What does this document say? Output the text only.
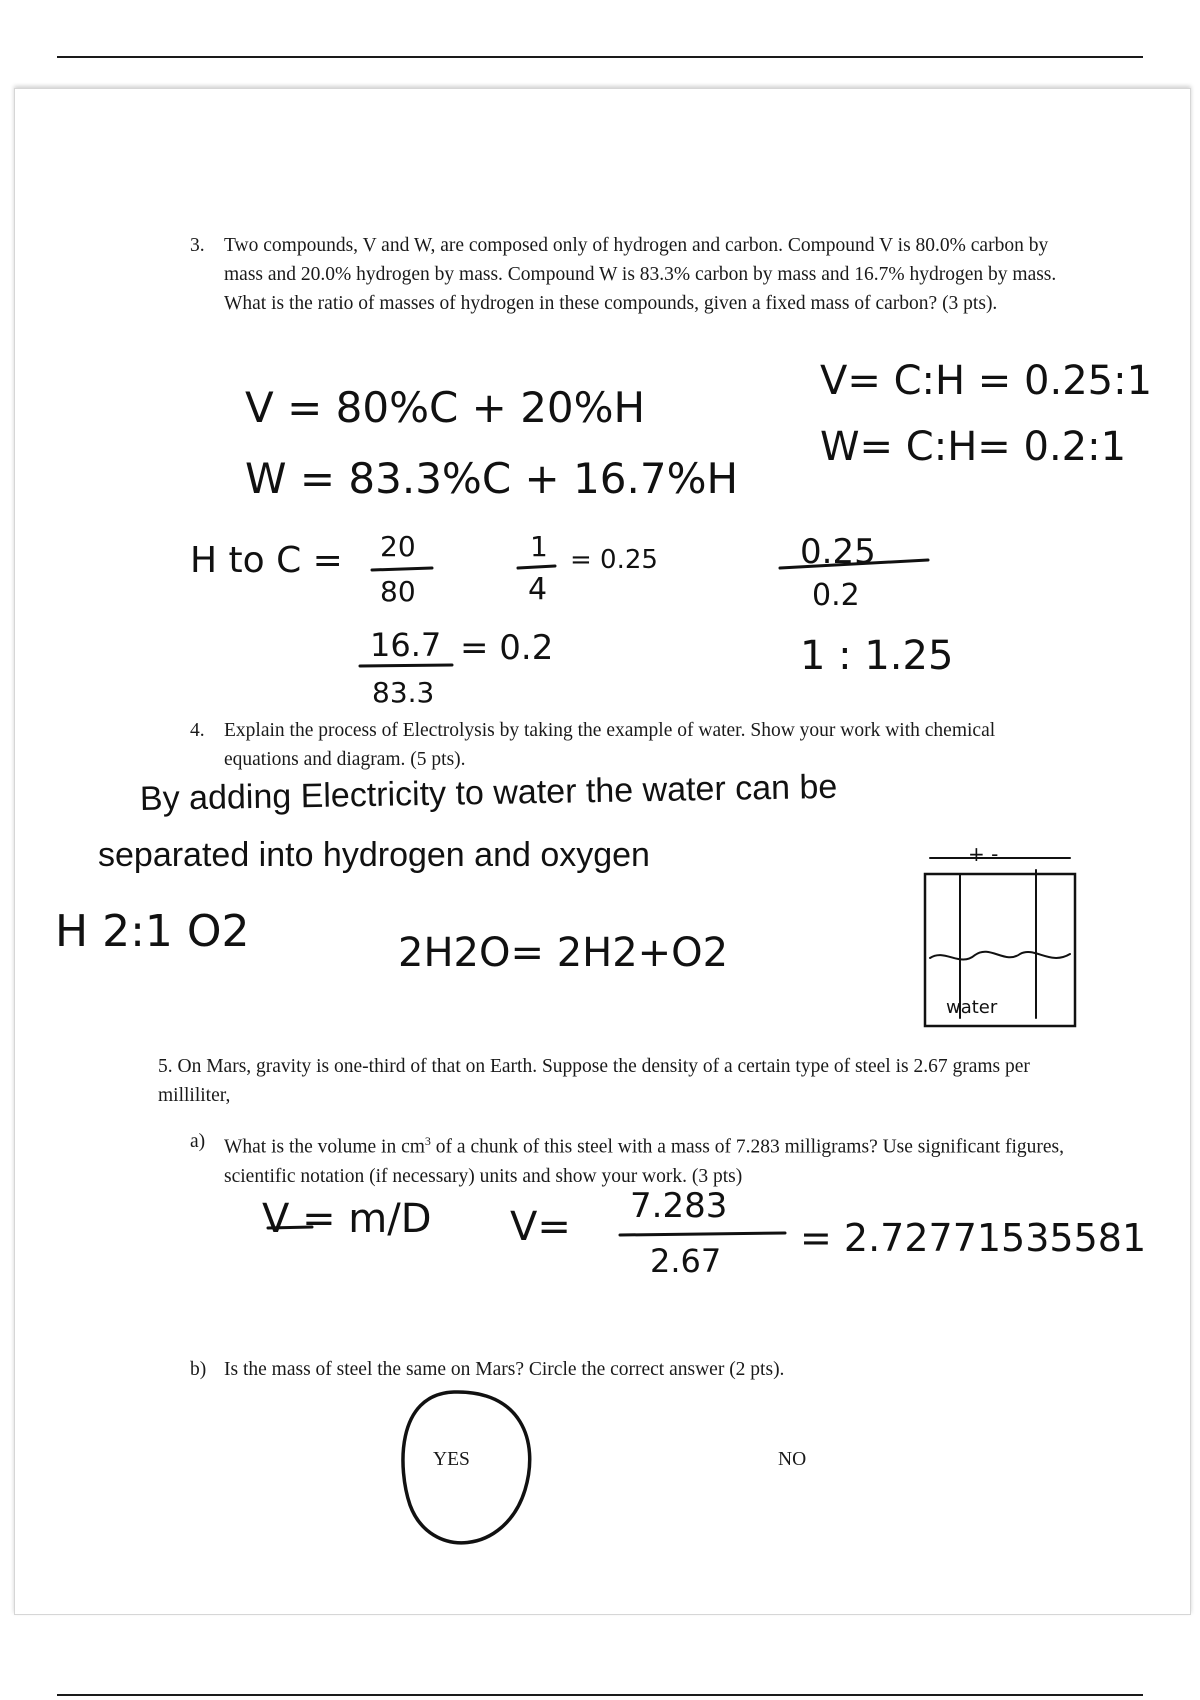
3. Two compounds, V and W, are composed only of hydrogen and carbon. Compound V is 80.0% carbon by mass and 20.0% hydrogen by mass. Compound W is 83.3% carbon by mass and 16.7% hydrogen by mass. What is the ratio of masses of hydrogen in these compounds, given a fixed mass of carbon? (3 pts).
V = 80%C + 20%H
W = 83.3%C + 16.7%H
V= C:H = 0.25:1
W= C:H= 0.2:1
H to C = 20
80
1
4
= 0.25
16.7
83.3
= 0.2
0.25
0.2
1 : 1.25
4. Explain the process of Electrolysis by taking the example of water. Show your work with chemical equations and diagram. (5 pts).
By adding Electricity to water the water can be
separated into hydrogen and oxygen
H 2:1 O2	2H2O= 2H2+O2
+ -
water
5. On Mars, gravity is one-third of that on Earth. Suppose the density of a certain type of steel is 2.67 grams per milliliter,
a) What is the volume in $cm^3$ of a chunk of this steel with a mass of 7.283 milligrams? Use significant figures, scientific notation (if necessary) units and show your work. (3 pts)
V = m/D V= 7.283
2.67
= 2.72771535581
b) Is the mass of steel the same on Mars? Circle the correct answer (2 pts).
YES	NO
